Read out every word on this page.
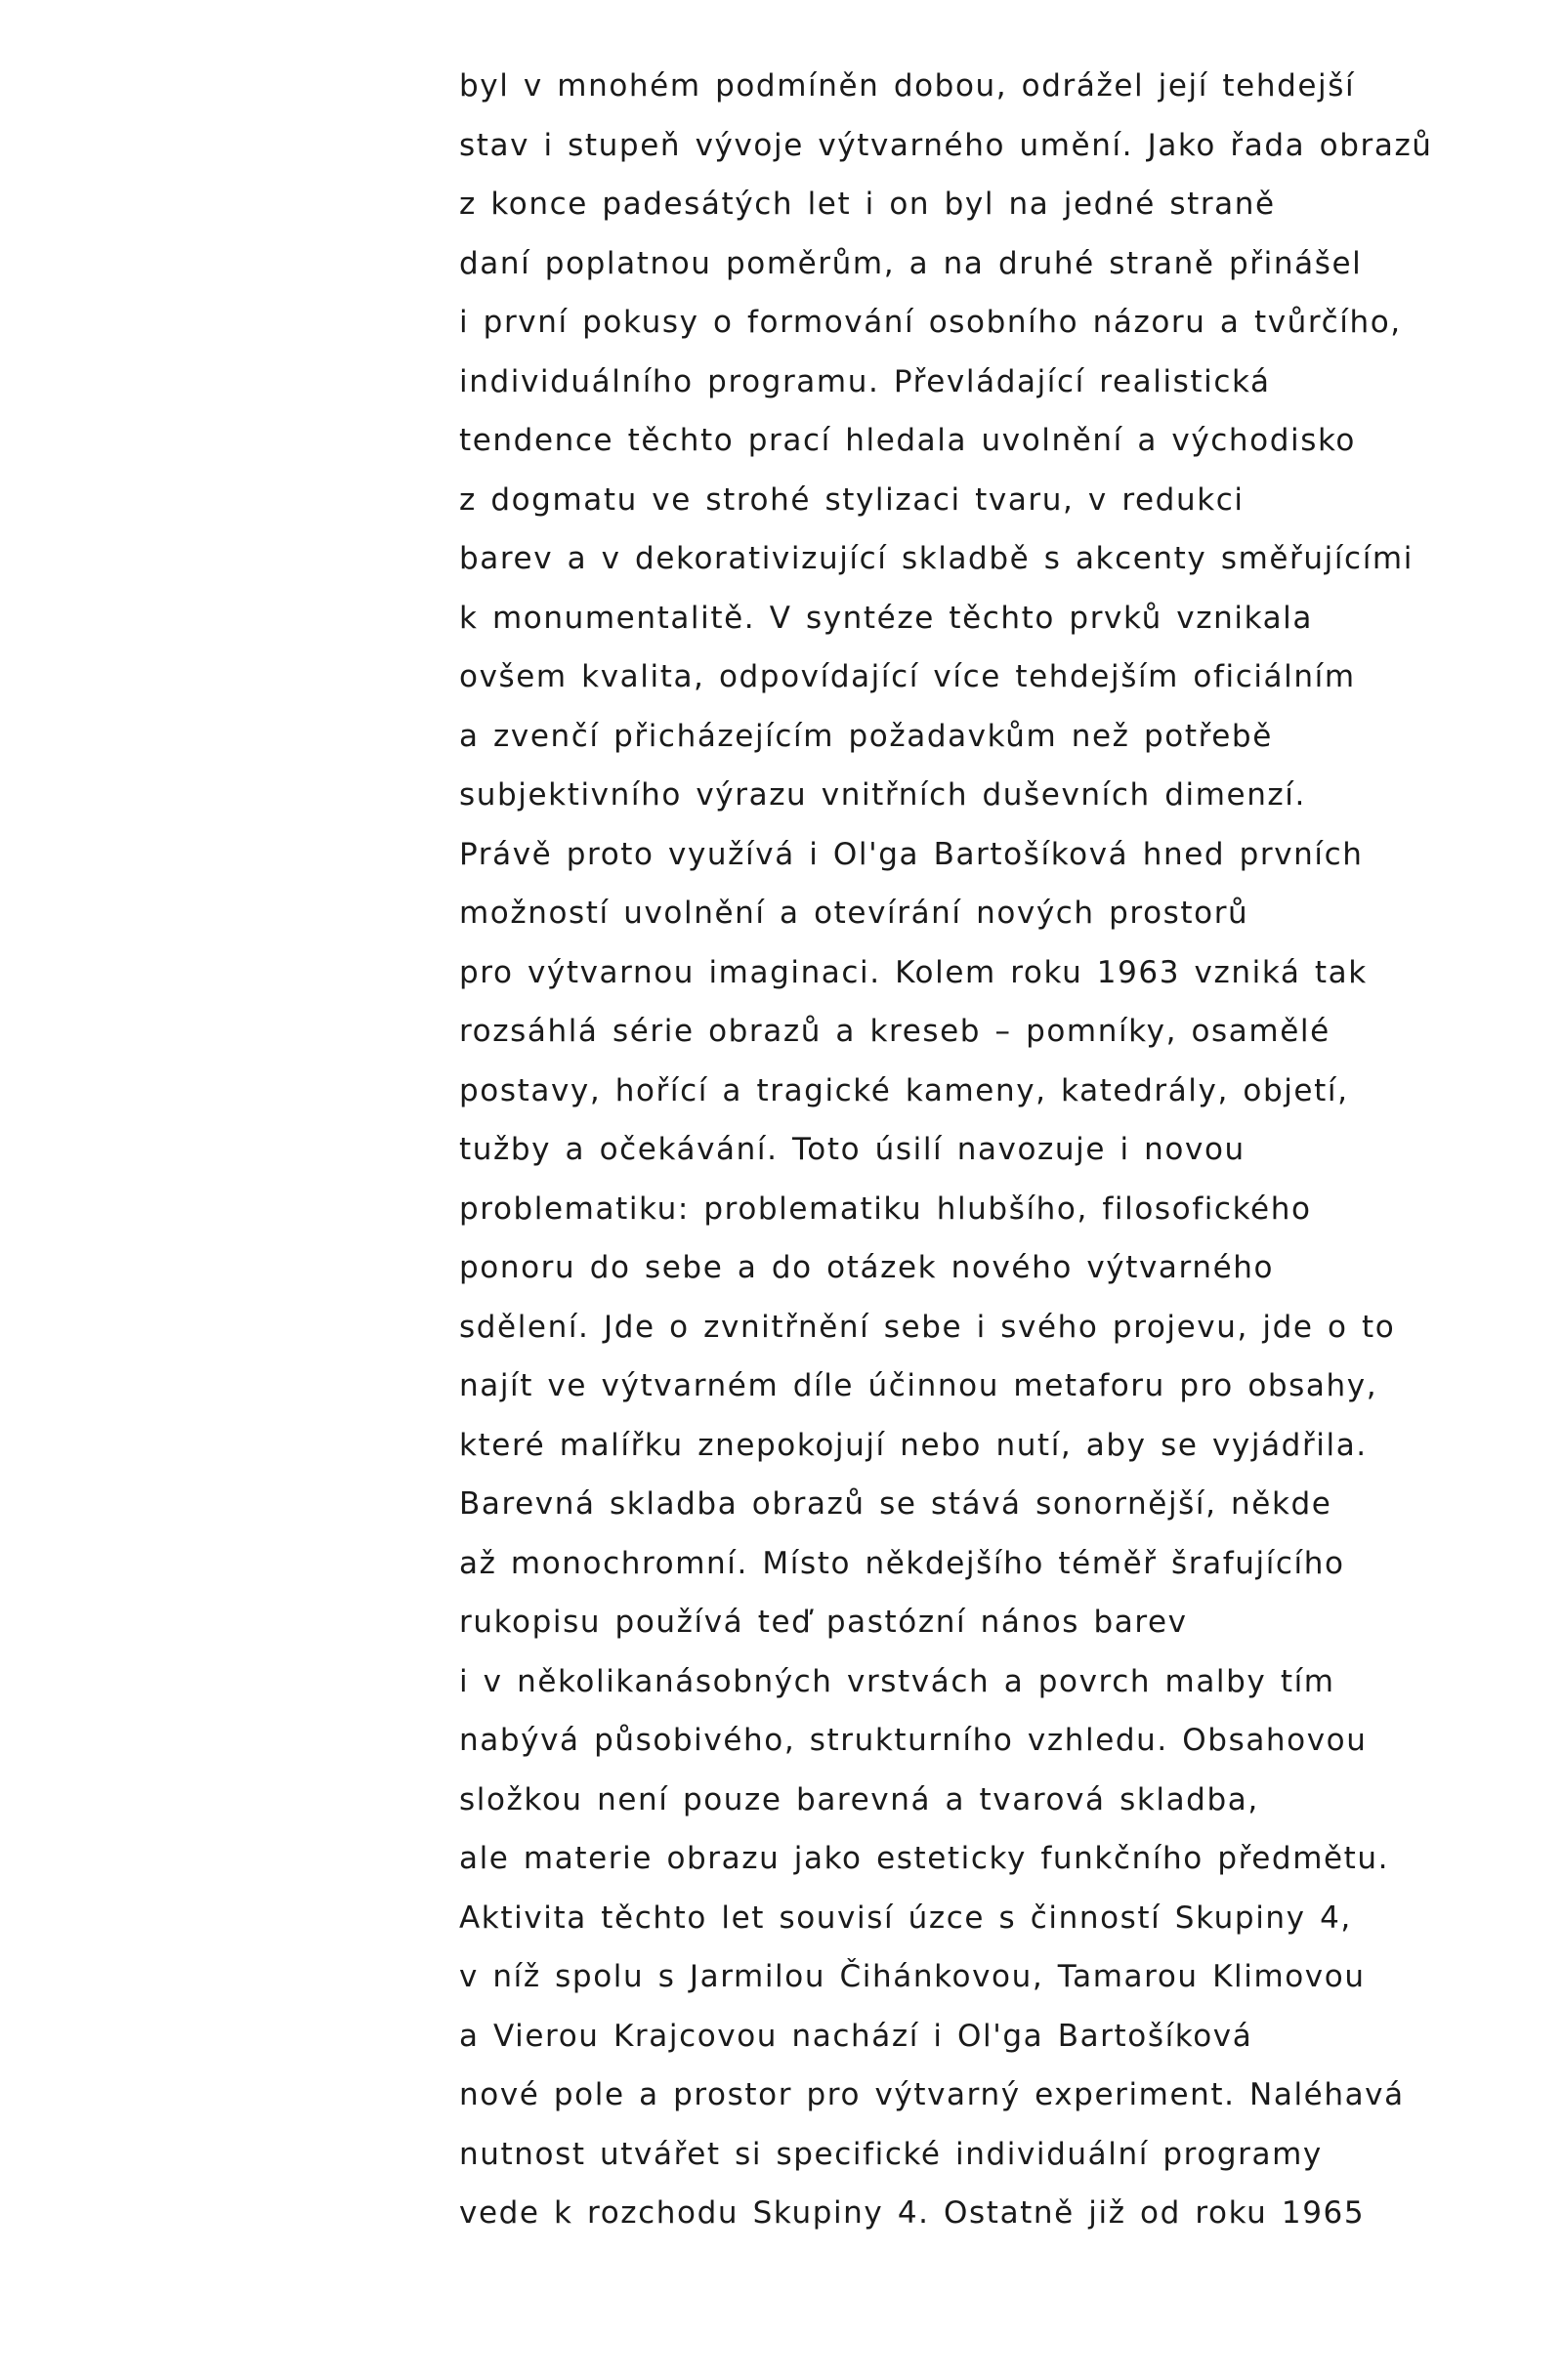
byl v mnohém podmíněn dobou, odrážel její tehdejší
stav i stupeň vývoje výtvarného umění. Jako řada obrazů
z konce padesátých let i on byl na jedné straně
daní poplatnou poměrům, a na druhé straně přinášel
i první pokusy o formování osobního názoru a tvůrčího,
individuálního programu. Převládající realistická
tendence těchto prací hledala uvolnění a východisko
z dogmatu ve strohé stylizaci tvaru, v redukci
barev a v dekorativizující skladbě s akcenty směřujícími
k monumentalitě. V syntéze těchto prvků vznikala
ovšem kvalita, odpovídající více tehdejším oficiálním
a zvenčí přicházejícím požadavkům než potřebě
subjektivního výrazu vnitřních duševních dimenzí.
Právě proto využívá i Ol'ga Bartošíková hned prvních
možností uvolnění a otevírání nových prostorů
pro výtvarnou imaginaci. Kolem roku 1963 vzniká tak
rozsáhlá série obrazů a kreseb – pomníky, osamělé
postavy, hořící a tragické kameny, katedrály, objetí,
tužby a očekávání. Toto úsilí navozuje i novou
problematiku: problematiku hlubšího, filosofického
ponoru do sebe a do otázek nového výtvarného
sdělení. Jde o zvnitřnění sebe i svého projevu, jde o to
najít ve výtvarném díle účinnou metaforu pro obsahy,
které malířku znepokojují nebo nutí, aby se vyjádřila.
Barevná skladba obrazů se stává sonornější, někde
až monochromní. Místo někdejšího téměř šrafujícího
rukopisu používá teď pastózní nános barev
i v několikanásobných vrstvách a povrch malby tím
nabývá působivého, strukturního vzhledu. Obsahovou
složkou není pouze barevná a tvarová skladba,
ale materie obrazu jako esteticky funkčního předmětu.
Aktivita těchto let souvisí úzce s činností Skupiny 4,
v níž spolu s Jarmilou Čihánkovou, Tamarou Klimovou
a Vierou Krajcovou nachází i Ol'ga Bartošíková
nové pole a prostor pro výtvarný experiment. Naléhavá
nutnost utvářet si specifické individuální programy
vede k rozchodu Skupiny 4. Ostatně již od roku 1965
